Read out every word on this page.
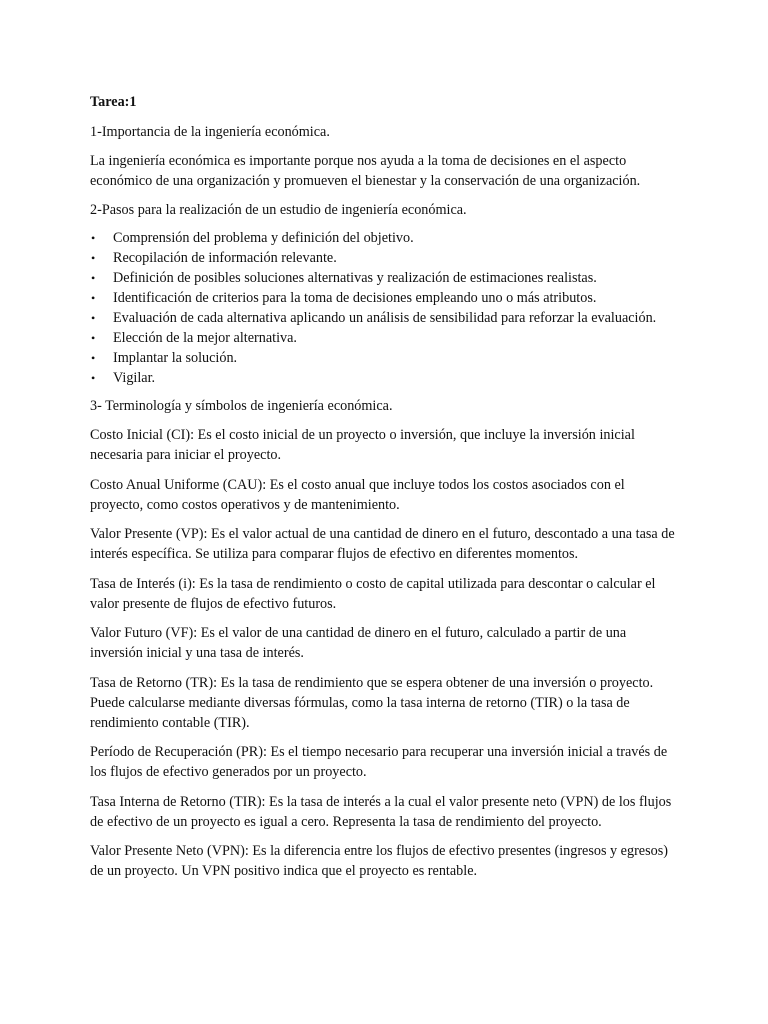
Tarea:1
1-Importancia de la ingeniería económica.
La ingeniería económica es importante porque nos ayuda a la toma de decisiones en el aspecto económico de una organización y promueven el bienestar y la conservación de una organización.
2-Pasos para la realización de un estudio de ingeniería económica.
• Comprensión del problema y definición del objetivo.
• Recopilación de información relevante.
• Definición de posibles soluciones alternativas y realización de estimaciones realistas.
• Identificación de criterios para la toma de decisiones empleando uno o más atributos.
• Evaluación de cada alternativa aplicando un análisis de sensibilidad para reforzar la evaluación.
• Elección de la mejor alternativa.
• Implantar la solución.
• Vigilar.
3- Terminología y símbolos de ingeniería económica.
Costo Inicial (CI): Es el costo inicial de un proyecto o inversión, que incluye la inversión inicial necesaria para iniciar el proyecto.
Costo Anual Uniforme (CAU): Es el costo anual que incluye todos los costos asociados con el proyecto, como costos operativos y de mantenimiento.
Valor Presente (VP): Es el valor actual de una cantidad de dinero en el futuro, descontado a una tasa de interés específica. Se utiliza para comparar flujos de efectivo en diferentes momentos.
Tasa de Interés (i): Es la tasa de rendimiento o costo de capital utilizada para descontar o calcular el valor presente de flujos de efectivo futuros.
Valor Futuro (VF): Es el valor de una cantidad de dinero en el futuro, calculado a partir de una inversión inicial y una tasa de interés.
Tasa de Retorno (TR): Es la tasa de rendimiento que se espera obtener de una inversión o proyecto. Puede calcularse mediante diversas fórmulas, como la tasa interna de retorno (TIR) o la tasa de rendimiento contable (TIR).
Período de Recuperación (PR): Es el tiempo necesario para recuperar una inversión inicial a través de los flujos de efectivo generados por un proyecto.
Tasa Interna de Retorno (TIR): Es la tasa de interés a la cual el valor presente neto (VPN) de los flujos de efectivo de un proyecto es igual a cero. Representa la tasa de rendimiento del proyecto.
Valor Presente Neto (VPN): Es la diferencia entre los flujos de efectivo presentes (ingresos y egresos) de un proyecto. Un VPN positivo indica que el proyecto es rentable.
